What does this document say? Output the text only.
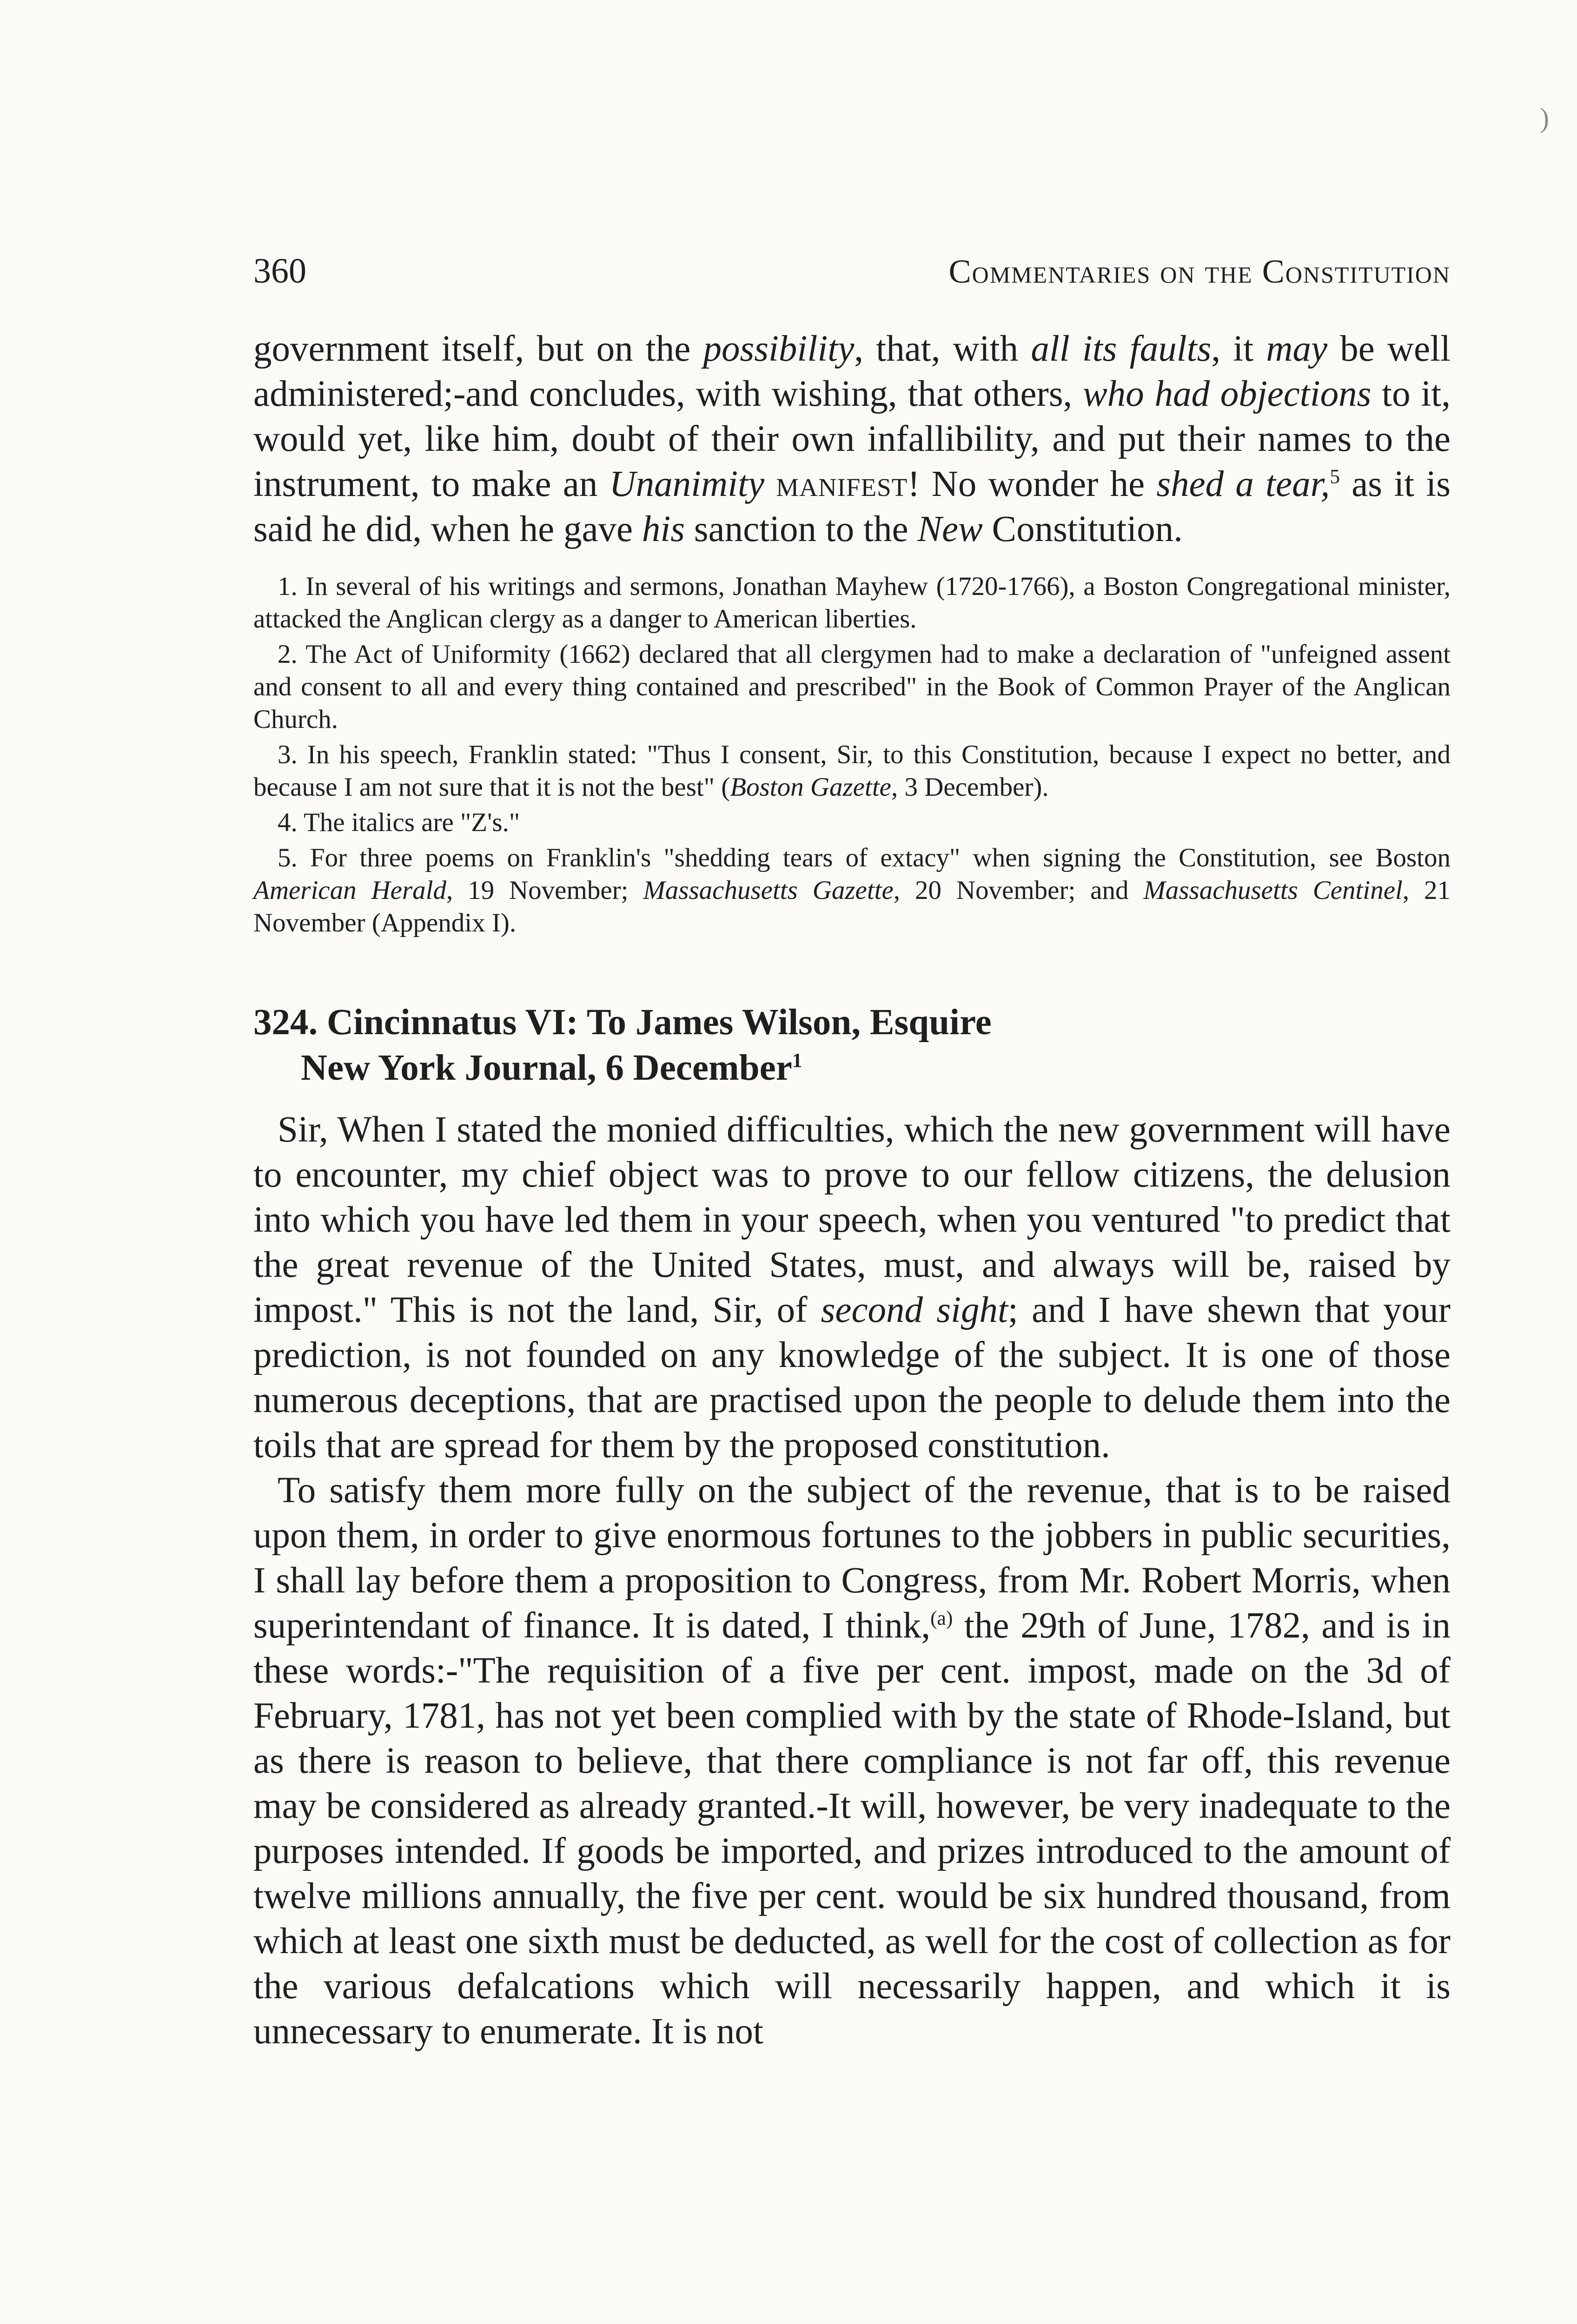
)
360	Commentaries on the Constitution

government itself, but on the possibility, that, with all its faults, it may be well administered;-and concludes, with wishing, that others, who had objections to it, would yet, like him, doubt of their own infallibility, and put their names to the instrument, to make an Unanimity manifest! No wonder he shed a tear,$^5$ as it is said he did, when he gave his sanction to the New Constitution.

1. In several of his writings and sermons, Jonathan Mayhew (1720-1766), a Boston Congregational minister, attacked the Anglican clergy as a danger to American liberties.

2. The Act of Uniformity (1662) declared that all clergymen had to make a declaration of "unfeigned assent and consent to all and every thing contained and prescribed" in the Book of Common Prayer of the Anglican Church.

3. In his speech, Franklin stated: "Thus I consent, Sir, to this Constitution, because I expect no better, and because I am not sure that it is not the best" (Boston Gazette, 3 December).

4. The italics are "Z's."

5. For three poems on Franklin's "shedding tears of extacy" when signing the Constitution, see Boston American Herald, 19 November; Massachusetts Gazette, 20 November; and Massachusetts Centinel, 21 November (Appendix I).

324. Cincinnatus VI: To James Wilson, Esquire
New York Journal, 6 December$^1$

Sir, When I stated the monied difficulties, which the new government will have to encounter, my chief object was to prove to our fellow citizens, the delusion into which you have led them in your speech, when you ventured "to predict that the great revenue of the United States, must, and always will be, raised by impost." This is not the land, Sir, of second sight; and I have shewn that your prediction, is not founded on any knowledge of the subject. It is one of those numerous deceptions, that are practised upon the people to delude them into the toils that are spread for them by the proposed constitution.

To satisfy them more fully on the subject of the revenue, that is to be raised upon them, in order to give enormous fortunes to the jobbers in public securities, I shall lay before them a proposition to Congress, from Mr. Robert Morris, when superintendant of finance. It is dated, I think,$^{(a)}$ the 29th of June, 1782, and is in these words:-"The requisition of a five per cent. impost, made on the 3d of February, 1781, has not yet been complied with by the state of Rhode-Island, but as there is reason to believe, that there compliance is not far off, this revenue may be considered as already granted.-It will, however, be very inadequate to the purposes intended. If goods be imported, and prizes introduced to the amount of twelve millions annually, the five per cent. would be six hundred thousand, from which at least one sixth must be deducted, as well for the cost of collection as for the various defalcations which will necessarily happen, and which it is unnecessary to enumerate. It is not
